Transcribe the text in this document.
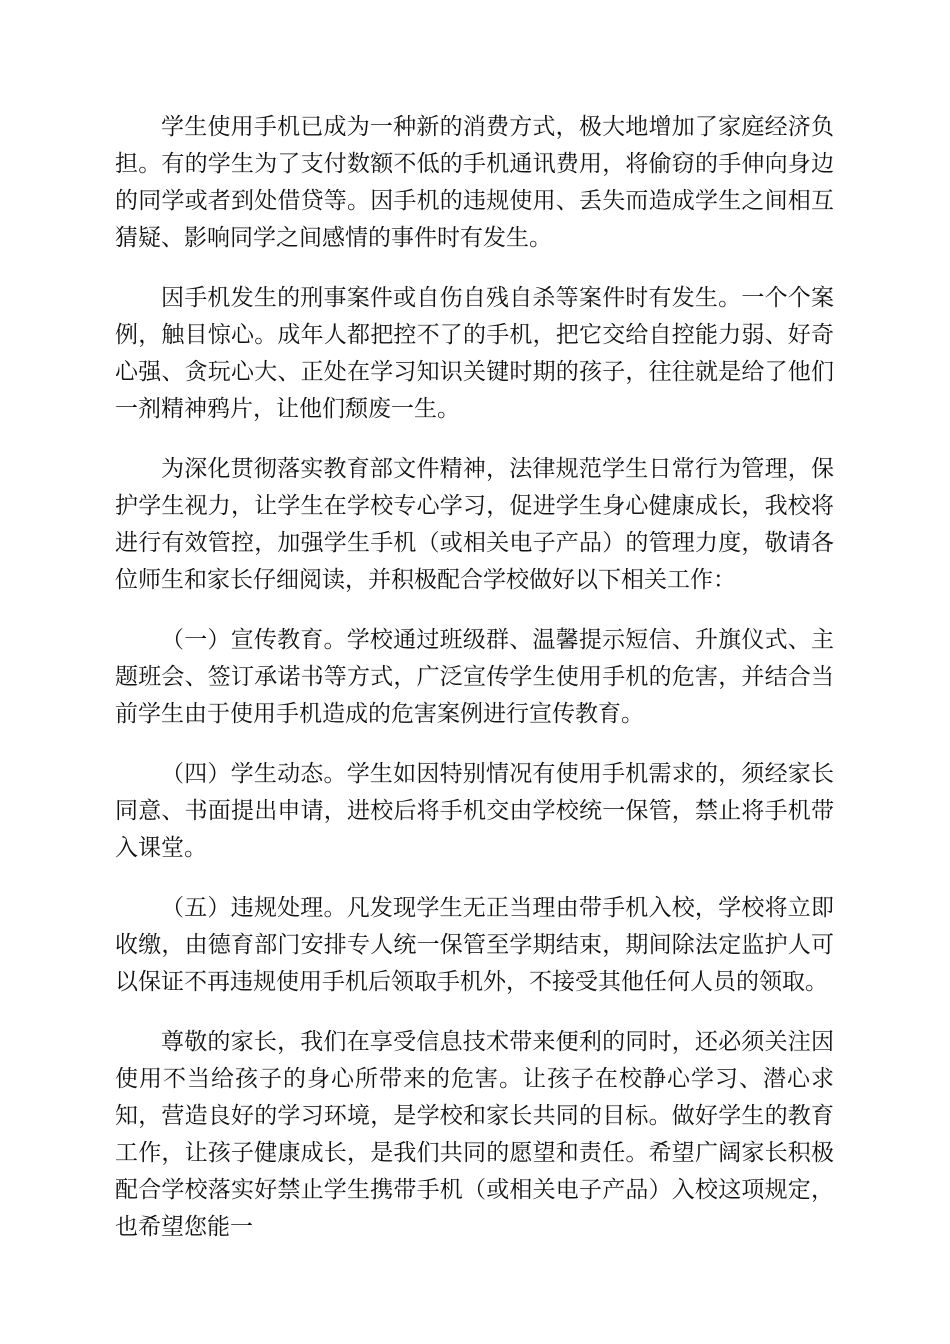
学生使用手机已成为一种新的消费方式，极大地增加了家庭经济负担。有的学生为了支付数额不低的手机通讯费用，将偷窃的手伸向身边的同学或者到处借贷等。因手机的违规使用、丢失而造成学生之间相互猜疑、影响同学之间感情的事件时有发生。

因手机发生的刑事案件或自伤自残自杀等案件时有发生。一个个案例，触目惊心。成年人都把控不了的手机，把它交给自控能力弱、好奇心强、贪玩心大、正处在学习知识关键时期的孩子，往往就是给了他们一剂精神鸦片，让他们颓废一生。

为深化贯彻落实教育部文件精神，法律规范学生日常行为管理，保护学生视力，让学生在学校专心学习，促进学生身心健康成长，我校将进行有效管控，加强学生手机（或相关电子产品）的管理力度，敬请各位师生和家长仔细阅读，并积极配合学校做好以下相关工作：

（一）宣传教育。学校通过班级群、温馨提示短信、升旗仪式、主题班会、签订承诺书等方式，广泛宣传学生使用手机的危害，并结合当前学生由于使用手机造成的危害案例进行宣传教育。

（四）学生动态。学生如因特别情况有使用手机需求的，须经家长同意、书面提出申请，进校后将手机交由学校统一保管，禁止将手机带入课堂。

（五）违规处理。凡发现学生无正当理由带手机入校，学校将立即收缴，由德育部门安排专人统一保管至学期结束，期间除法定监护人可以保证不再违规使用手机后领取手机外，不接受其他任何人员的领取。

尊敬的家长，我们在享受信息技术带来便利的同时，还必须关注因使用不当给孩子的身心所带来的危害。让孩子在校静心学习、潜心求知，营造良好的学习环境，是学校和家长共同的目标。做好学生的教育工作，让孩子健康成长，是我们共同的愿望和责任。希望广阔家长积极配合学校落实好禁止学生携带手机（或相关电子产品）入校这项规定，也希望您能一
